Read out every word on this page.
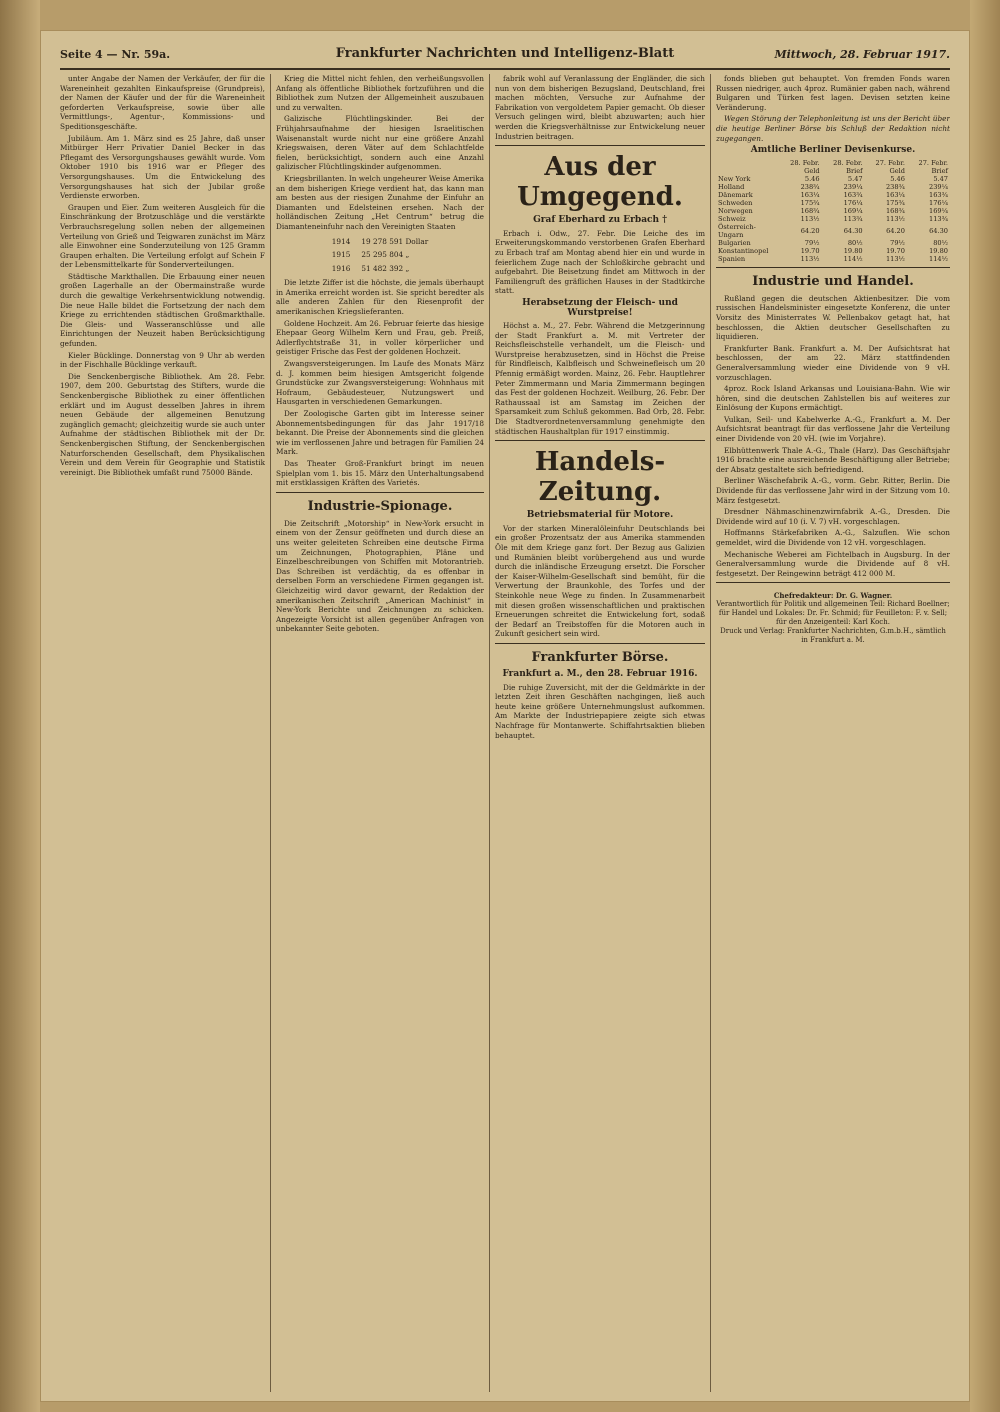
Seite 4 — Nr. 59a.	Frankfurter Nachrichten und Intelligenz-Blatt	Mittwoch, 28. Februar 1917.

unter Angabe der Namen der Verkäufer, der für die Wareneinheit gezahlten Einkaufspreise (Grundpreis), der Namen der Käufer und der für die Wareneinheit geforderten Verkaufspreise, sowie über alle Vermittlungs-, Agentur-, Kommissions- und Speditionsgeschäfte.

Jubiläum. Am 1. März sind es 25 Jahre, daß unser Mitbürger Herr Privatier Daniel Becker in das Pflegamt des Versorgungshauses gewählt wurde. Vom Oktober 1910 bis 1916 war er Pfleger des Versorgungshauses. Um die Entwickelung des Versorgungshauses hat sich der Jubilar große Verdienste erworben.

Graupen und Eier. Zum weiteren Ausgleich für die Einschränkung der Brotzuschläge und die verstärkte Verbrauchsregelung sollen neben der allgemeinen Verteilung von Grieß und Teigwaren zunächst im März alle Einwohner eine Sonderzuteilung von 125 Gramm Graupen erhalten. Die Verteilung erfolgt auf Schein F der Lebensmittelkarte für Sonderverteilungen.

Städtische Markthallen. Die Erbauung einer neuen großen Lagerhalle an der Obermainstraße wurde durch die gewaltige Verkehrsentwicklung notwendig. Die neue Halle bildet die Fortsetzung der nach dem Kriege zu errichtenden städtischen Großmarkthalle. Die Gleis- und Wasseranschlüsse und alle Einrichtungen der Neuzeit haben Berücksichtigung gefunden.

Kieler Bücklinge. Donnerstag von 9 Uhr ab werden in der Fischhalle Bücklinge verkauft.

Die Senckenbergische Bibliothek. Am 28. Febr. 1907, dem 200. Geburtstag des Stifters, wurde die Senckenbergische Bibliothek zu einer öffentlichen erklärt und im August desselben Jahres in ihrem neuen Gebäude der allgemeinen Benutzung zugänglich gemacht; gleichzeitig wurde sie auch unter Aufnahme der städtischen Bibliothek mit der Dr. Senckenbergischen Stiftung, der Senckenbergischen Naturforschenden Gesellschaft, dem Physikalischen Verein und dem Verein für Geographie und Statistik vereinigt. Die Bibliothek umfaßt rund 75000 Bände.

Krieg die Mittel nicht fehlen, den verheißungsvollen Anfang als öffentliche Bibliothek fortzuführen und die Bibliothek zum Nutzen der Allgemeinheit auszubauen und zu verwalten.

Galizische Flüchtlingskinder. Bei der Frühjahrsaufnahme der hiesigen Israelitischen Waisenanstalt wurde nicht nur eine größere Anzahl Kriegswaisen, deren Väter auf dem Schlachtfelde fielen, berücksichtigt, sondern auch eine Anzahl galizischer Flüchtlingskinder aufgenommen.

Kriegsbrillanten. In welch ungeheurer Weise Amerika an dem bisherigen Kriege verdient hat, das kann man am besten aus der riesigen Zunahme der Einfuhr an Diamanten und Edelsteinen ersehen. Nach der holländischen Zeitung „Het Centrum“ betrug die Diamanteneinfuhr nach den Vereinigten Staaten

1914	19 278 591 Dollar
1915	25 295 804 „
1916	51 482 392 „

Die letzte Ziffer ist die höchste, die jemals überhaupt in Amerika erreicht worden ist. Sie spricht beredter als alle anderen Zahlen für den Riesenprofit der amerikanischen Kriegslieferanten.

Goldene Hochzeit. Am 26. Februar feierte das hiesige Ehepaar Georg Wilhelm Kern und Frau, geb. Preiß, Adlerflychtstraße 31, in voller körperlicher und geistiger Frische das Fest der goldenen Hochzeit.

Zwangsversteigerungen. Im Laufe des Monats März d. J. kommen beim hiesigen Amtsgericht folgende Grundstücke zur Zwangsversteigerung: Wohnhaus mit Hofraum, Gebäudesteuer, Nutzungswert und Hausgarten in verschiedenen Gemarkungen.

Der Zoologische Garten gibt im Interesse seiner Abonnementsbedingungen für das Jahr 1917/18 bekannt. Die Preise der Abonnements sind die gleichen wie im verflossenen Jahre und betragen für Familien 24 Mark.

Das Theater Groß-Frankfurt bringt im neuen Spielplan vom 1. bis 15. März den Unterhaltungsabend mit erstklassigen Kräften des Varietés.

Industrie-Spionage.

Die Zeitschrift „Motorship“ in New-York ersucht in einem von der Zensur geöffneten und durch diese an uns weiter geleiteten Schreiben eine deutsche Firma um Zeichnungen, Photographien, Pläne und Einzelbeschreibungen von Schiffen mit Motorantrieb. Das Schreiben ist verdächtig, da es offenbar in derselben Form an verschiedene Firmen gegangen ist. Gleichzeitig wird davor gewarnt, der Redaktion der amerikanischen Zeitschrift „American Machinist“ in New-York Berichte und Zeichnungen zu schicken. Angezeigte Vorsicht ist allen gegenüber Anfragen von unbekannter Seite geboten.

fabrik wohl auf Veranlassung der Engländer, die sich nun von dem bisherigen Bezugsland, Deutschland, frei machen möchten, Versuche zur Aufnahme der Fabrikation von vergoldetem Papier gemacht. Ob dieser Versuch gelingen wird, bleibt abzuwarten; auch hier werden die Kriegsverhältnisse zur Entwickelung neuer Industrien beitragen.

Aus der Umgegend.
Graf Eberhard zu Erbach †

Erbach i. Odw., 27. Febr. Die Leiche des im Erweiterungskommando verstorbenen Grafen Eberhard zu Erbach traf am Montag abend hier ein und wurde in feierlichem Zuge nach der Schloßkirche gebracht und aufgebahrt. Die Beisetzung findet am Mittwoch in der Familiengruft des gräflichen Hauses in der Stadtkirche statt.

Herabsetzung der Fleisch- und Wurstpreise!

Höchst a. M., 27. Febr. Während die Metzgerinnung der Stadt Frankfurt a. M. mit Vertreter der Reichsfleischstelle verhandelt, um die Fleisch- und Wurstpreise herabzusetzen, sind in Höchst die Preise für Rindfleisch, Kalbfleisch und Schweinefleisch um 20 Pfennig ermäßigt worden. Mainz, 26. Febr. Hauptlehrer Peter Zimmermann und Maria Zimmermann begingen das Fest der goldenen Hochzeit. Weilburg, 26. Febr. Der Rathaussaal ist am Samstag im Zeichen der Sparsamkeit zum Schluß gekommen. Bad Orb, 28. Febr. Die Stadtverordnetenversammlung genehmigte den städtischen Haushaltplan für 1917 einstimmig.

Handels-Zeitung.
Betriebsmaterial für Motore.

Vor der starken Mineralöleinfuhr Deutschlands bei ein großer Prozentsatz der aus Amerika stammenden Öle mit dem Kriege ganz fort. Der Bezug aus Galizien und Rumänien bleibt vorübergehend aus und wurde durch die inländische Erzeugung ersetzt. Die Forscher der Kaiser-Wilhelm-Gesellschaft sind bemüht, für die Verwertung der Braunkohle, des Torfes und der Steinkohle neue Wege zu finden. In Zusammenarbeit mit diesen großen wissenschaftlichen und praktischen Erneuerungen schreitet die Entwickelung fort, sodaß der Bedarf an Treibstoffen für die Motoren auch in Zukunft gesichert sein wird.

Frankfurter Börse.
Frankfurt a. M., den 28. Februar 1916.

Die ruhige Zuversicht, mit der die Geldmärkte in der letzten Zeit ihren Geschäften nachgingen, ließ auch heute keine größere Unternehmungslust aufkommen. Am Markte der Industriepapiere zeigte sich etwas Nachfrage für Montanwerte. Schiffahrtsaktien blieben behauptet.

fonds blieben gut behauptet. Von fremden Fonds waren Russen niedriger, auch 4proz. Rumänier gaben nach, während Bulgaren und Türken fest lagen. Devisen setzten keine Veränderung.

Wegen Störung der Telephonleitung ist uns der Bericht über die heutige Berliner Börse bis Schluß der Redaktion nicht zugegangen.

Amtliche Berliner Devisenkurse.
	28. Febr. Geld	28. Febr. Brief	27. Febr. Geld	27. Febr. Brief
New York	5.46	5.47	5.46	5.47
Holland	238¾	239¼	238¾	239¼
Dänemark	163¼	163¾	163¼	163¾
Schweden	175¾	176¼	175¾	176¼
Norwegen	168¾	169¼	168¾	169¼
Schweiz	113½	113¾	113½	113¾
Österreich-Ungarn	64.20	64.30	64.20	64.30
Bulgarien	79½	80½	79½	80½
Konstantinopel	19.70	19.80	19.70	19.80
Spanien	113½	114½	113½	114½
Industrie und Handel.

Rußland gegen die deutschen Aktienbesitzer. Die vom russischen Handelsminister eingesetzte Konferenz, die unter Vorsitz des Ministerrates W. Pellenbakov getagt hat, hat beschlossen, die Aktien deutscher Gesellschaften zu liquidieren.

Frankfurter Bank. Frankfurt a. M. Der Aufsichtsrat hat beschlossen, der am 22. März stattfindenden Generalversammlung wieder eine Dividende von 9 vH. vorzuschlagen.

4proz. Rock Island Arkansas und Louisiana-Bahn. Wie wir hören, sind die deutschen Zahlstellen bis auf weiteres zur Einlösung der Kupons ermächtigt.

Vulkan, Seil- und Kabelwerke A.-G., Frankfurt a. M. Der Aufsichtsrat beantragt für das verflossene Jahr die Verteilung einer Dividende von 20 vH. (wie im Vorjahre).

Elbhüttenwerk Thale A.-G., Thale (Harz). Das Geschäftsjahr 1916 brachte eine ausreichende Beschäftigung aller Betriebe; der Absatz gestaltete sich befriedigend.

Berliner Wäschefabrik A.-G., vorm. Gebr. Ritter, Berlin. Die Dividende für das verflossene Jahr wird in der Sitzung vom 10. März festgesetzt.

Dresdner Nähmaschinenzwirnfabrik A.-G., Dresden. Die Dividende wird auf 10 (i. V. 7) vH. vorgeschlagen.

Hoffmanns Stärkefabriken A.-G., Salzuflen. Wie schon gemeldet, wird die Dividende von 12 vH. vorgeschlagen.

Mechanische Weberei am Fichtelbach in Augsburg. In der Generalversammlung wurde die Dividende auf 8 vH. festgesetzt. Der Reingewinn beträgt 412 000 M.

Chefredakteur: Dr. G. Wagner.
Verantwortlich für Politik und allgemeinen Teil: Richard Boellner; für Handel und Lokales: Dr. Fr. Schmid; für Feuilleton: F. v. Sell; für den Anzeigenteil: Karl Koch.
Druck und Verlag: Frankfurter Nachrichten, G.m.b.H., sämtlich in Frankfurt a. M.
